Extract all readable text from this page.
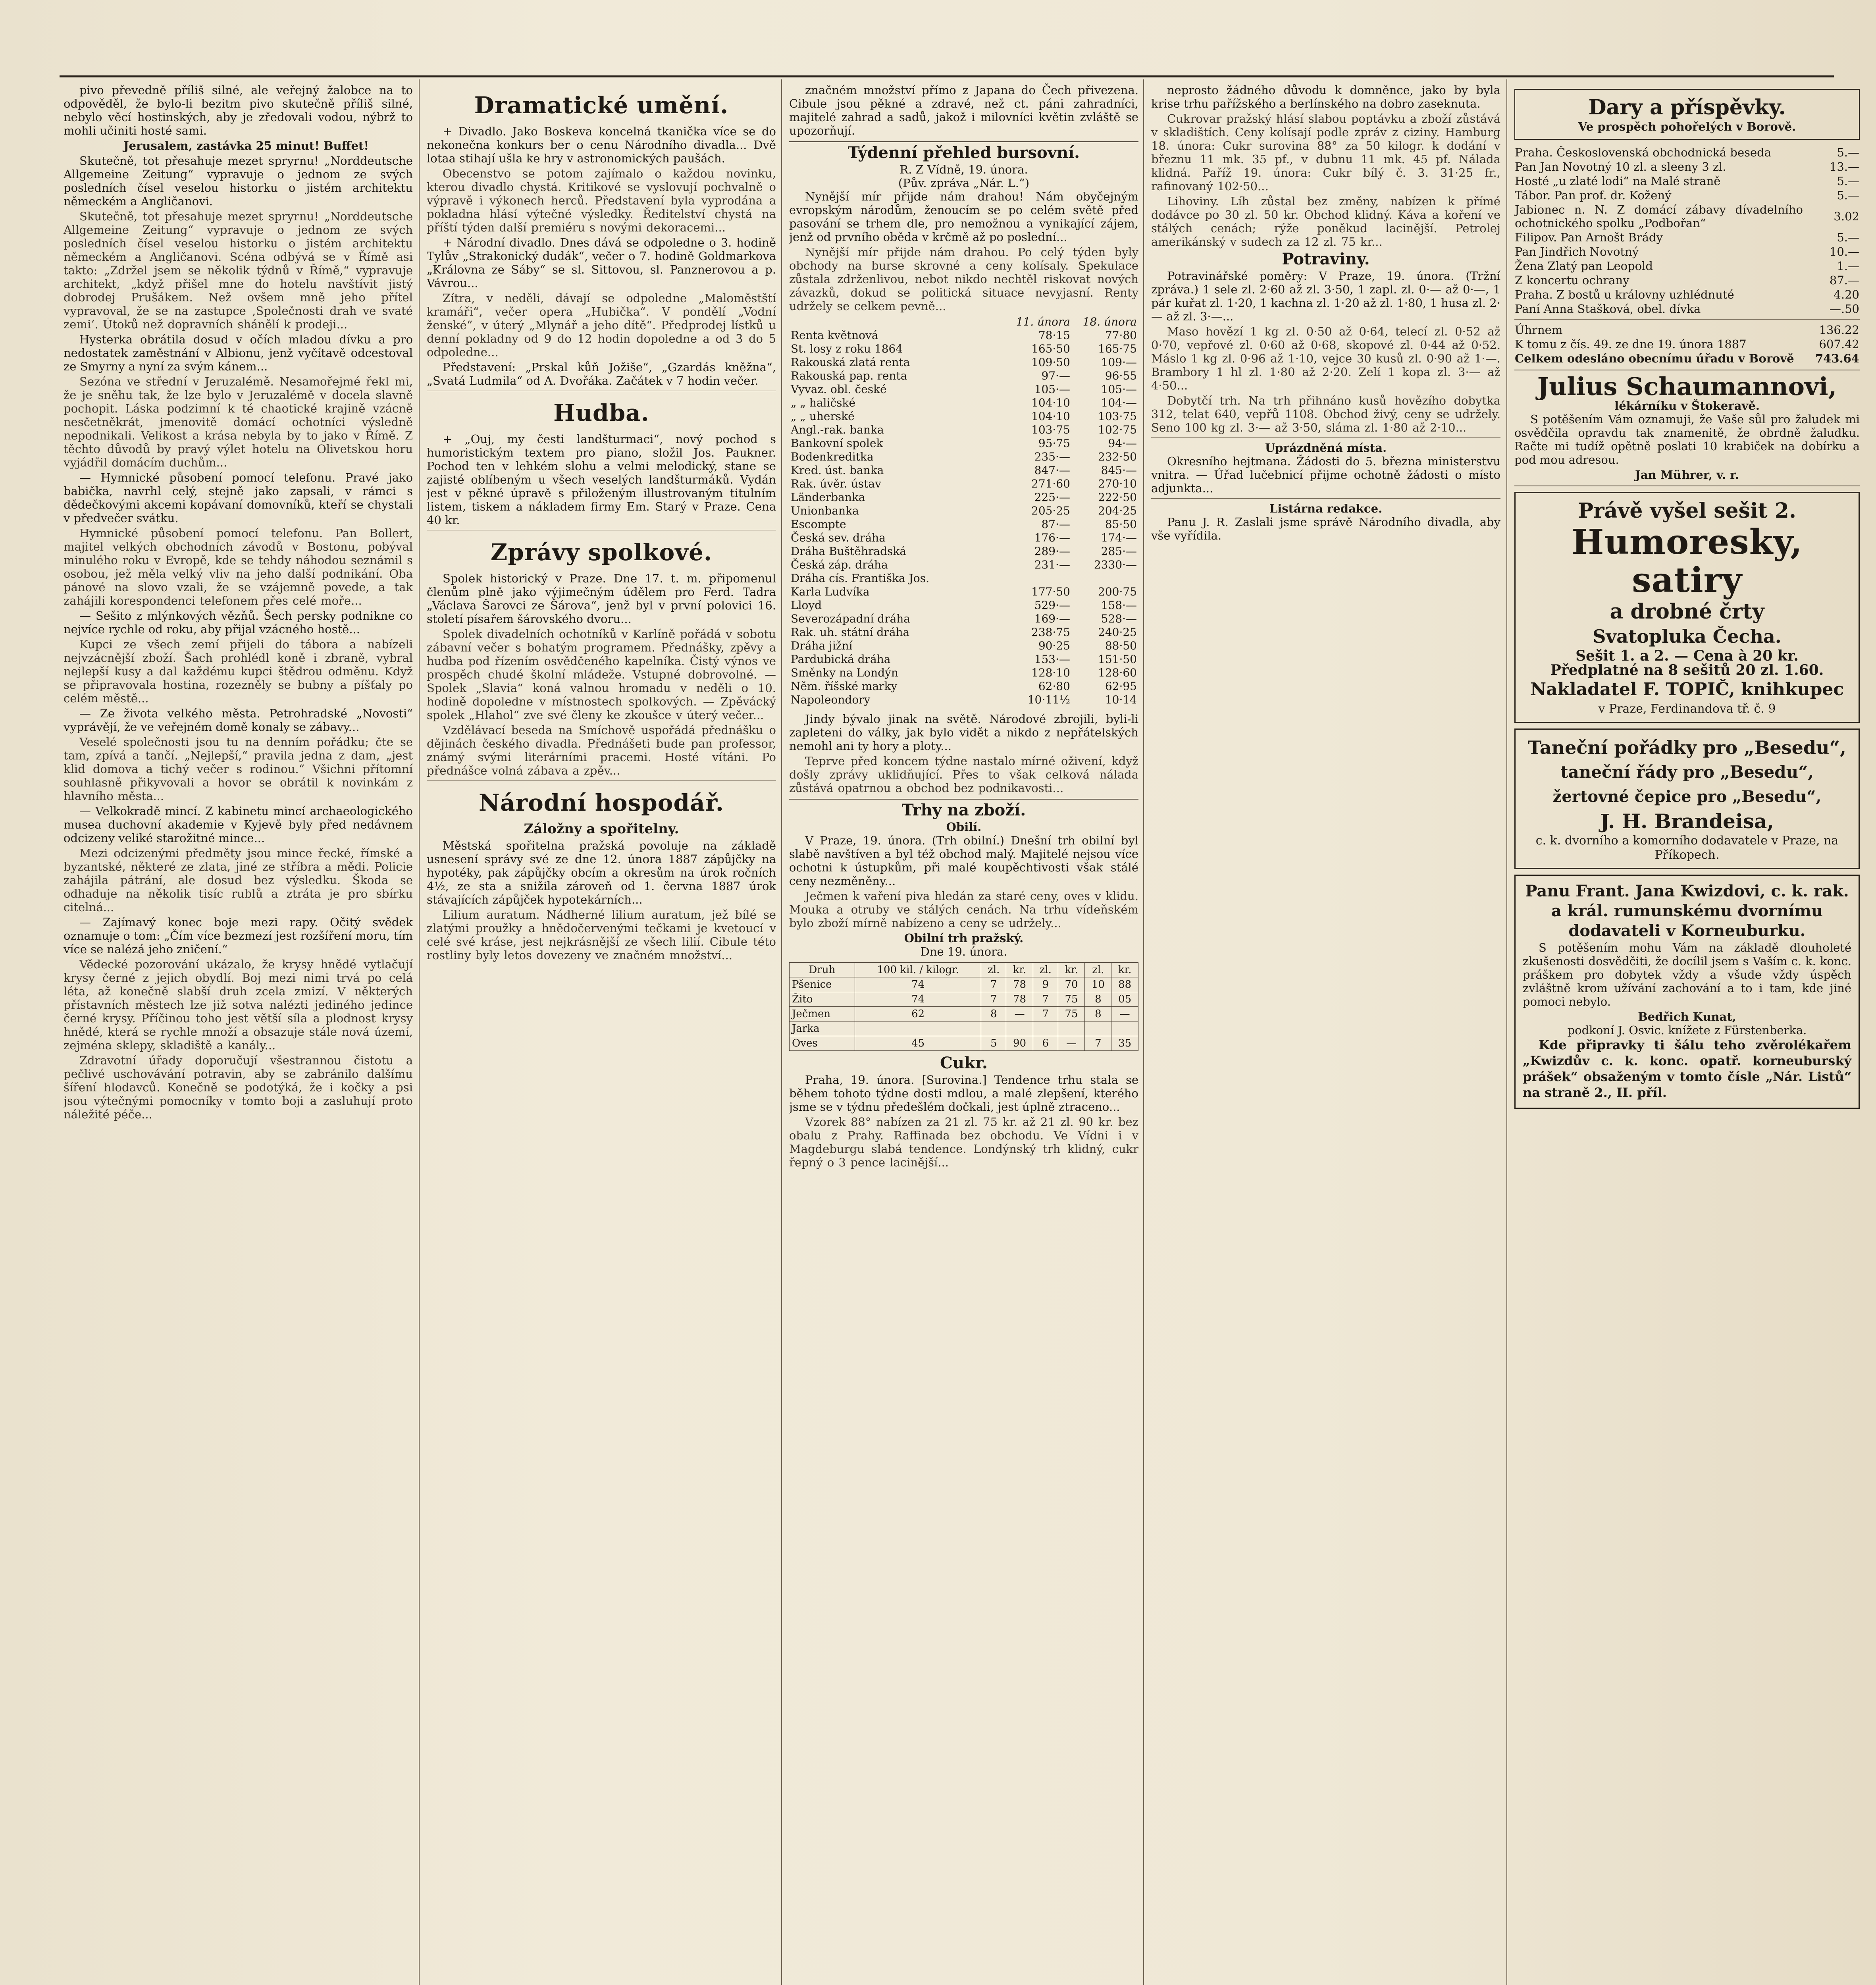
pivo převedně příliš silné, ale veřejný žalobce na to odpověděl, že bylo-li bezitm pivo skutečně příliš silné, nebylo věcí hostinských, aby je zředovali vodou, nýbrž to mohli učiniti hosté sami.

Jerusalem, zastávka 25 minut! Buffet!

Skutečně, tot přesahuje mezet spryrnu! „Norddeutsche Allgemeine Zeitung“ vypravuje o jednom ze svých posledních čísel veselou historku o jistém architektu německém a Angličanovi.

Skutečně, tot přesahuje mezet spryrnu! „Norddeutsche Allgemeine Zeitung“ vypravuje o jednom ze svých posledních čísel veselou historku o jistém architektu německém a Angličanovi. Scéna odbývá se v Římě asi takto: „Zdržel jsem se několik týdnů v Římě,“ vypravuje architekt, „když přišel mne do hotelu navštívit jistý dobrodej Prušákem. Než ovšem mně jeho přítel vypravoval, že se na zastupce ,Společnosti drah ve svaté zemi‘. Útoků než dopravních shánělí k prodeji...

Hysterka obrátila dosud v očích mladou dívku a pro nedostatek zaměstnání v Albionu, jenž vyčítavě odcestoval ze Smyrny a nyní za svým kánem...

Sezóna ve střední v Jeruzalémě. Nesamořejmé řekl mi, že je sněhu tak, že lze bylo v Jeruzalémě v docela slavně pochopit. Láska podzimní k té chaotické krajině vzácně nesčetněkrát, jmenovitě domácí ochotníci výsledně nepodnikali. Velikost a krása nebyla by to jako v Římě. Z těchto důvodů by pravý výlet hotelu na Olivetskou horu vyjádřil domácím duchům...

— Hymnické působení pomocí telefonu. Pravé jako babička, navrhl celý, stejně jako zapsali, v rámci s dědečkovými akcemi kopávaní domovníků, kteří se chystali v předvečer svátku.

Hymnické působení pomocí telefonu. Pan Bollert, majitel velkých obchodních závodů v Bostonu, pobýval minulého roku v Evropě, kde se tehdy náhodou seznámil s osobou, jež měla velký vliv na jeho další podnikání. Oba pánové na slovo vzali, že se vzájemně povede, a tak zahájili korespondenci telefonem přes celé moře...

— Sešito z mlýnkových vězňů. Šech persky podnikne co nejvíce rychle od roku, aby přijal vzácného hostě...

Kupci ze všech zemí přijeli do tábora a nabízeli nejvzácnější zboží. Šach prohlédl koně i zbraně, vybral nejlepší kusy a dal každému kupci štědrou odměnu. Když se připravovala hostina, rozezněly se bubny a píšťaly po celém městě...

— Ze života velkého města. Petrohradské „Novosti“ vyprávějí, že ve veřejném domě konaly se zábavy...

Veselé společnosti jsou tu na denním pořádku; čte se tam, zpívá a tančí. „Nejlepší,“ pravila jedna z dam, „jest klid domova a tichý večer s rodinou.“ Všichni přítomní souhlasně přikyvovali a hovor se obrátil k novinkám z hlavního města...

— Velkokradě mincí. Z kabinetu mincí archaeologického musea duchovní akademie v Kyjevě byly před nedávnem odcizeny veliké starožitné mince...

Mezi odcizenými předměty jsou mince řecké, římské a byzantské, některé ze zlata, jiné ze stříbra a mědi. Policie zahájila pátrání, ale dosud bez výsledku. Škoda se odhaduje na několik tisíc rublů a ztráta je pro sbírku citelná...

— Zajímavý konec boje mezi rapy. Očitý svědek oznamuje o tom: „Čím více bezmezí jest rozšíření moru, tím více se nalézá jeho zničení.“

Vědecké pozorování ukázalo, že krysy hnědé vytlačují krysy černé z jejich obydlí. Boj mezi nimi trvá po celá léta, až konečně slabší druh zcela zmizí. V některých přístavních městech lze již sotva nalézti jediného jedince černé krysy. Příčinou toho jest větší síla a plodnost krysy hnědé, která se rychle množí a obsazuje stále nová území, zejména sklepy, skladiště a kanály...

Zdravotní úřady doporučují všestrannou čistotu a pečlivé uschovávání potravin, aby se zabránilo dalšímu šíření hlodavců. Konečně se podotýká, že i kočky a psi jsou výtečnými pomocníky v tomto boji a zasluhují proto náležité péče...

Dramatické umění.

+ Divadlo. Jako Boskeva koncelná tkanička více se do nekonečna konkurs ber o cenu Národního divadla... Dvě lotaa stihají ušla ke hry v astronomických paušách.

Obecenstvo se potom zajímalo o každou novinku, kterou divadlo chystá. Kritikové se vyslovují pochvalně o výpravě i výkonech herců. Představení byla vyprodána a pokladna hlásí výtečné výsledky. Ředitelství chystá na příští týden další premiéru s novými dekoracemi...

+ Národní divadlo. Dnes dává se odpoledne o 3. hodině Tylův „Strakonický dudák“, večer o 7. hodině Goldmarkova „Královna ze Sáby“ se sl. Sittovou, sl. Panznerovou a p. Vávrou...

Zítra, v neděli, dávají se odpoledne „Maloměstští kramáři“, večer opera „Hubička“. V pondělí „Vodní ženské“, v úterý „Mlynář a jeho dítě“. Předprodej lístků u denní pokladny od 9 do 12 hodin dopoledne a od 3 do 5 odpoledne...

Představení: „Prskal kůň Jožiše“, „Gzardás kněžna“, „Svatá Ludmila“ od A. Dvořáka. Začátek v 7 hodin večer.

Hudba.

+ „Ouj, my česti landšturmaci“, nový pochod s humoristickým textem pro piano, složil Jos. Paukner. Pochod ten v lehkém slohu a velmi melodický, stane se zajisté oblíbeným u všech veselých landšturmáků. Vydán jest v pěkné úpravě s přiloženým illustrovaným titulním listem, tiskem a nákladem firmy Em. Starý v Praze. Cena 40 kr.

Zprávy spolkové.

Spolek historický v Praze. Dne 17. t. m. připomenul členům plně jako výjimečným údělem pro Ferd. Tadra „Václava Šarovci ze Šárova“, jenž byl v první polovici 16. století písařem šárovského dvoru...

Spolek divadelních ochotníků v Karlíně pořádá v sobotu zábavní večer s bohatým programem. Přednášky, zpěvy a hudba pod řízením osvědčeného kapelníka. Čistý výnos ve prospěch chudé školní mládeže. Vstupné dobrovolné. — Spolek „Slavia“ koná valnou hromadu v neděli o 10. hodině dopoledne v místnostech spolkových. — Zpěvácký spolek „Hlahol“ zve své členy ke zkoušce v úterý večer...

Vzdělávací beseda na Smíchově uspořádá přednášku o dějinách českého divadla. Přednášeti bude pan professor, známý svými literárními pracemi. Hosté vítáni. Po přednášce volná zábava a zpěv...

Národní hospodář.
Záložny a spořitelny.

Městská spořitelna pražská povoluje na základě usnesení správy své ze dne 12. února 1887 zápůjčky na hypotéky, pak zápůjčky obcím a okresům na úrok ročních 4½, ze sta a snižila zároveň od 1. června 1887 úrok stávajících zápůjček hypotekárních...

Lilium auratum. Nádherné lilium auratum, jež bílé se zlatými proužky a hnědočervenými tečkami je kvetoucí v celé své kráse, jest nejkrásnější ze všech lilií. Cibule této rostliny byly letos dovezeny ve značném množství...

značném množství přímo z Japana do Čech přivezena. Cibule jsou pěkné a zdravé, než ct. páni zahradníci, majitelé zahrad a sadů, jakož i milovníci květin zvláště se upozorňují.

Týdenní přehled bursovní.
R. Z Vídně, 19. února.
(Pův. zpráva „Nár. L.“)

Nynější mír přijde nám drahou! Nám obyčejným evropským národům, ženoucím se po celém světě před pasování se trhem dle, pro nemožnou a vynikající zájem, jenž od prvního oběda v krčmě až po poslední...

Nynější mír přijde nám drahou. Po celý týden byly obchody na burse skrovné a ceny kolísaly. Spekulace zůstala zdrženlivou, nebot nikdo nechtěl riskovat nových závazků, dokud se politická situace nevyjasní. Renty udržely se celkem pevně...

	11. února	18. února
Renta květnová	78·15	77·80
St. losy z roku 1864	165·50	165·75
Rakouská zlatá renta	109·50	109·—
Rakouská pap. renta	97·—	96·55
Vyvaz. obl. české	105·—	105·—
„ „ haličské	104·10	104·—
„ „ uherské	104·10	103·75
Angl.-rak. banka	103·75	102·75
Bankovní spolek	95·75	94·—
Bodenkreditka	235·—	232·50
Kred. úst. banka	847·—	845·—
Rak. úvěr. ústav	271·60	270·10
Länderbanka	225·—	222·50
Unionbanka	205·25	204·25
Escompte	87·—	85·50
Česká sev. dráha	176·—	174·—
Dráha Buštěhradská	289·—	285·—
Česká záp. dráha	231·—	2330·—
Dráha cís. Františka Jos.		
Karla Ludvíka	177·50	200·75
Lloyd	529·—	158·—
Severozápadní dráha	169·—	528·—
Rak. uh. státní dráha	238·75	240·25
Dráha jižní	90·25	88·50
Pardubická dráha	153·—	151·50
Směnky na Londýn	128·10	128·60
Něm. říšské marky	62·80	62·95
Napoleondory	10·11½	10·14

Jindy bývalo jinak na světě. Národové zbrojili, byli-li zapleteni do války, jak bylo vidět a nikdo z nepřátelských nemohl ani ty hory a ploty...

Teprve před koncem týdne nastalo mírné oživení, když došly zprávy uklidňující. Přes to však celková nálada zůstává opatrnou a obchod bez podnikavosti...

Trhy na zboží.
Obilí.

V Praze, 19. února. (Trh obilní.) Dnešní trh obilní byl slabě navštíven a byl též obchod malý. Majitelé nejsou více ochotni k ústupkům, při malé koupěchtivosti však stálé ceny nezměněny...

Ječmen k vaření piva hledán za staré ceny, oves v klidu. Mouka a otruby ve stálých cenách. Na trhu vídeňském bylo zboží mírně nabízeno a ceny se udržely...

Obilní trh pražský.
Dne 19. února.
Druh	100 kil. / kilogr.	zl.	kr.	zl.	kr.	zl.	kr.
Pšenice	74	7	78	9	70	10	88
Žito	74	7	78	7	75	8	05
Ječmen	62	8	—	7	75	8	—
Jarka							
Oves	45	5	90	6	—	7	35
Cukr.

Praha, 19. února. [Surovina.] Tendence trhu stala se během tohoto týdne dosti mdlou, a malé zlepšení, kterého jsme se v týdnu předešlém dočkali, jest úplně ztraceno...

Vzorek 88° nabízen za 21 zl. 75 kr. až 21 zl. 90 kr. bez obalu z Prahy. Raffinada bez obchodu. Ve Vídni i v Magdeburgu slabá tendence. Londýnský trh klidný, cukr řepný o 3 pence lacinější...

neprosto žádného důvodu k domněnce, jako by byla krise trhu pařížského a berlínského na dobro zaseknuta.

Cukrovar pražský hlásí slabou poptávku a zboží zůstává v skladištích. Ceny kolísají podle zpráv z ciziny. Hamburg 18. února: Cukr surovina 88° za 50 kilogr. k dodání v březnu 11 mk. 35 pf., v dubnu 11 mk. 45 pf. Nálada klidná. Paříž 19. února: Cukr bílý č. 3. 31·25 fr., rafinovaný 102·50...

Lihoviny. Líh zůstal bez změny, nabízen k přímé dodávce po 30 zl. 50 kr. Obchod klidný. Káva a koření ve stálých cenách; rýže poněkud lacinější. Petrolej amerikánský v sudech za 12 zl. 75 kr...

Potraviny.

Potravinářské poměry: V Praze, 19. února. (Tržní zpráva.) 1 sele zl. 2·60 až zl. 3·50, 1 zapl. zl. 0·— až 0·—, 1 pár kuřat zl. 1·20, 1 kachna zl. 1·20 až zl. 1·80, 1 husa zl. 2·— až zl. 3·—...

Maso hovězí 1 kg zl. 0·50 až 0·64, telecí zl. 0·52 až 0·70, vepřové zl. 0·60 až 0·68, skopové zl. 0·44 až 0·52. Máslo 1 kg zl. 0·96 až 1·10, vejce 30 kusů zl. 0·90 až 1·—. Brambory 1 hl zl. 1·80 až 2·20. Zelí 1 kopa zl. 3·— až 4·50...

Dobytčí trh. Na trh přihnáno kusů hovězího dobytka 312, telat 640, vepřů 1108. Obchod živý, ceny se udržely. Seno 100 kg zl. 3·— až 3·50, sláma zl. 1·80 až 2·10...

Uprázdněná místa.

Okresního hejtmana. Žádosti do 5. března ministerstvu vnitra. — Úřad lučebnicí přijme ochotně žádosti o místo adjunkta...

Listárna redakce.

Panu J. R. Zaslali jsme správě Národního divadla, aby vše vyřídila.

Dary a příspěvky.
Ve prospěch pohořelých v Borově.
Praha. Československá obchodnická beseda	5.—
Pan Jan Novotný 10 zl. a sleeny 3 zl.	13.—
Hosté „u zlaté lodi“ na Malé straně	5.—
Tábor. Pan prof. dr. Kožený	5.—
Jabionec n. N. Z domácí zábavy dívadelního ochotnického spolku „Podbořan“	3.02
Filipov. Pan Arnošt Brády	5.—
Pan Jindřich Novotný	10.—
Žena Zlatý pan Leopold	1.—
Z koncertu ochrany	87.—
Praha. Z bostů u královny uzhlédnuté	4.20
Paní Anna Stašková, obel. dívka	—.50
Úhrnem	136.22
K tomu z čís. 49. ze dne 19. února 1887	607.42
Celkem odesláno obecnímu úřadu v Borově	743.64
Julius Schaumannovi,
lékárníku v Štokeravě.

S potěšením Vám oznamuji, že Vaše sůl pro žaludek mi osvědčila opravdu tak znamenitě, že obrdně žaludku. Račte mi tudíž opětně poslati 10 krabiček na dobírku a pod mou adresou.

Jan Mührer, v. r.
Právě vyšel sešit 2.
Humoresky, satiry
a drobné črty
Svatopluka Čecha.
Sešit 1. a 2. — Cena à 20 kr.
Předplatné na 8 sešitů 20 zl. 1.60.
Nakladatel F. TOPIČ, knihkupec
v Praze, Ferdinandova tř. č. 9
Taneční pořádky pro „Besedu“,
taneční řády pro „Besedu“,
žertovné čepice pro „Besedu“,
J. H. Brandeisa,
c. k. dvorního a komorního dodavatele v Praze, na Příkopech.
Panu Frant. Jana Kwizdovi, c. k. rak. a král. rumunskému dvornímu dodavateli v Korneuburku.

S potěšením mohu Vám na základě dlouholeté zkušenosti dosvědčiti, že docílil jsem s Vaším c. k. konc. práškem pro dobytek vždy a všude vždy úspěch zvláštně krom užívání zachování a to i tam, kde jiné pomoci nebylo.

Bedřich Kunat,
podkoní J. Osvic. knížete z Fürstenberka.

Kde připravky ti šálu teho zvěrolékařem „Kwizdův c. k. konc. opatř. korneuburský prášek“ obsaženým v tomto čísle „Nár. Listů“ na straně 2., II. příl.
